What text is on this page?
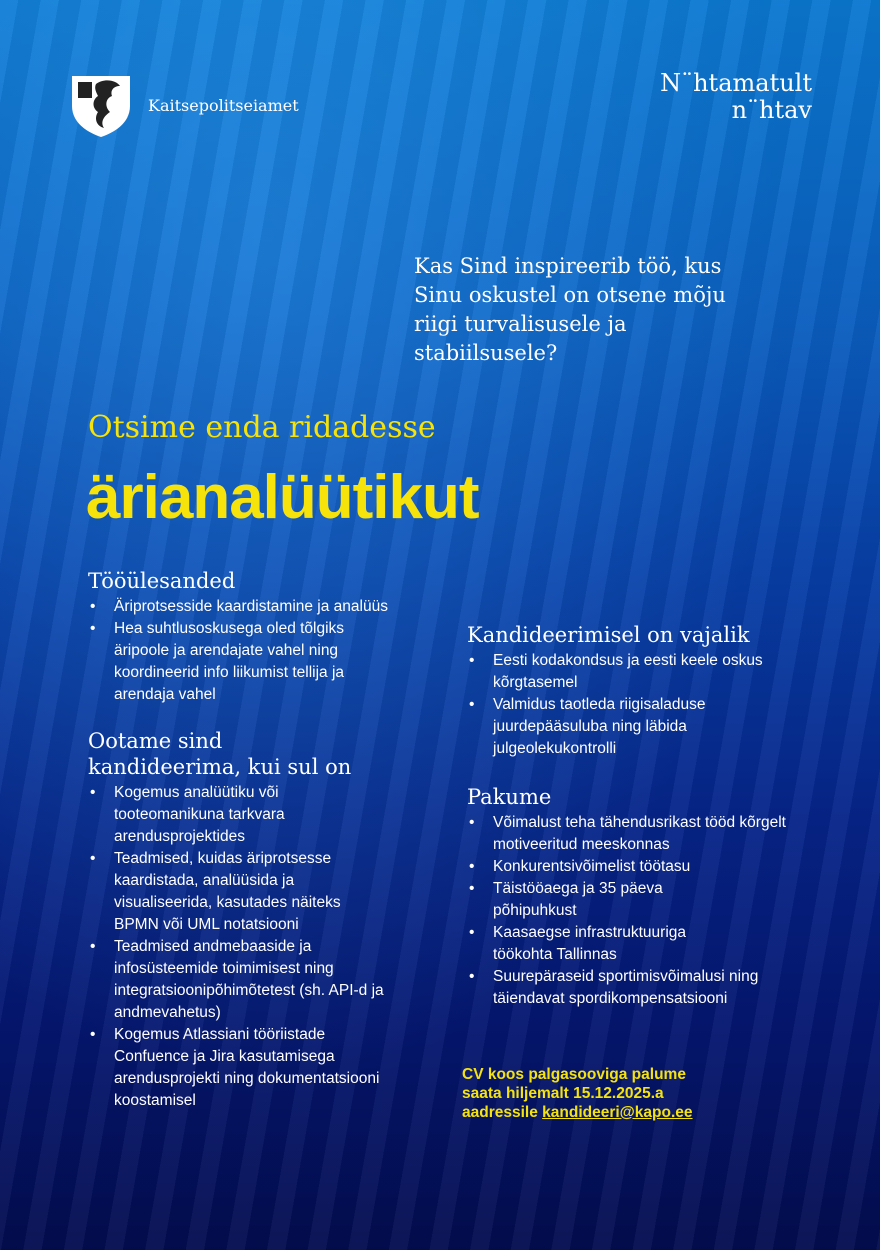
Kaitsepolitseiamet
N¨htamatult
n¨htav
Kas Sind inspireerib töö, kus Sinu oskustel on otsene mõju riigi turvalisusele ja stabiilsusele?
Otsime enda ridadesse
ärianalüütikut
Tööülesanded
• Äriprotsesside kaardistamine ja analüüs
• Hea suhtlusoskusega oled tõlgiks äripoole ja arendajate vahel ning koordineerid info liikumist tellija ja arendaja vahel
Ootame sind kandideerima, kui sul on
• Kogemus analüütiku või tooteomanikuna tarkvara arendusprojektides
• Teadmised, kuidas äriprotsesse kaardistada, analüüsida ja visualiseerida, kasutades näiteks BPMN või UML notatsiooni
• Teadmised andmebaaside ja infosüsteemide toimimisest ning integratsioonipõhimõtetest (sh. API-d ja andmevahetus)
• Kogemus Atlassiani tööriistade Confuence ja Jira kasutamisega arendusprojekti ning dokumentatsiooni koostamisel
Kandideerimisel on vajalik
• Eesti kodakondsus ja eesti keele oskus kõrgtasemel
• Valmidus taotleda riigisaladuse juurdepääsuluba ning läbida julgeolekukontrolli
Pakume
• Võimalust teha tähendusrikast tööd kõrgelt motiveeritud meeskonnas
• Konkurentsivõimelist töötasu
• Täistööaega ja 35 päeva põhipuhkust
• Kaasaegse infrastruktuuriga töökohta Tallinnas
• Suurepäraseid sportimisvõimalusi ning täiendavat spordikompensatsiooni
CV koos palgasooviga palume
saata hiljemalt 15.12.2025.a
aadressile kandideeri@kapo.ee
